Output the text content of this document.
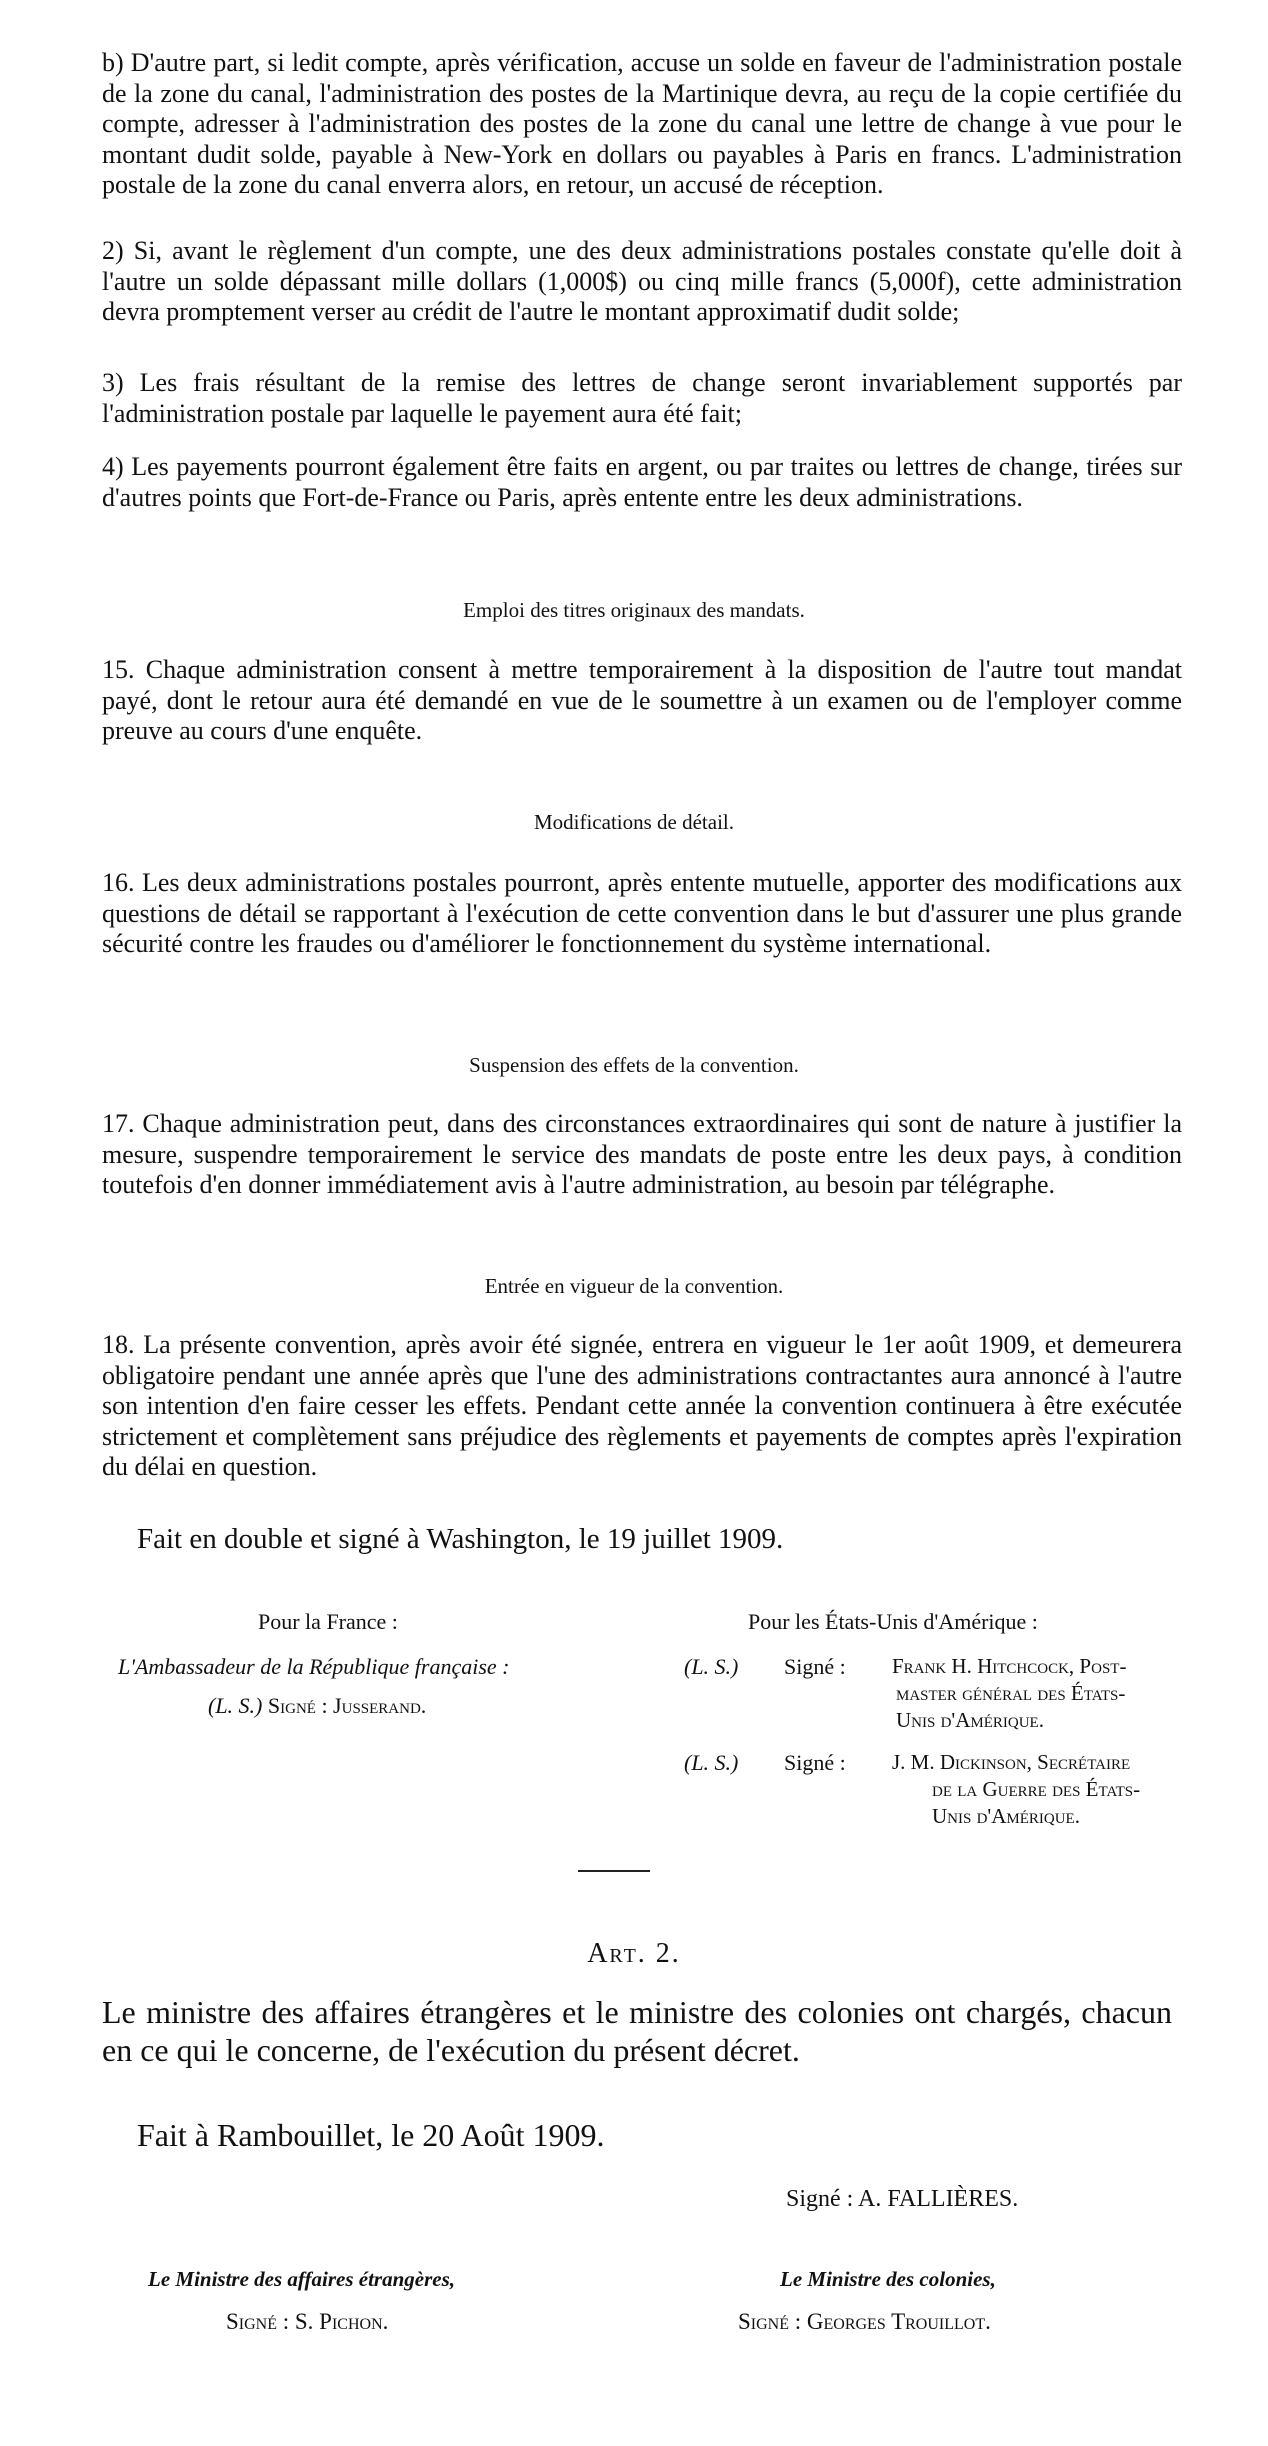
b) D'autre part, si ledit compte, après vérification, accuse un solde en faveur de l'administration postale de la zone du canal, l'administration des postes de la Martinique devra, au reçu de la copie certifiée du compte, adresser à l'administration des postes de la zone du canal une lettre de change à vue pour le montant dudit solde, payable à New-York en dollars ou payables à Paris en francs. L'administration postale de la zone du canal enverra alors, en retour, un accusé de réception.

2) Si, avant le règlement d'un compte, une des deux administrations postales constate qu'elle doit à l'autre un solde dépassant mille dollars (1,000$) ou cinq mille francs (5,000f), cette administration devra promptement verser au crédit de l'autre le montant approximatif dudit solde;

3) Les frais résultant de la remise des lettres de change seront invariablement supportés par l'administration postale par laquelle le payement aura été fait;

4) Les payements pourront également être faits en argent, ou par traites ou lettres de change, tirées sur d'autres points que Fort-de-France ou Paris, après entente entre les deux administrations.

Emploi des titres originaux des mandats.

15. Chaque administration consent à mettre temporairement à la disposition de l'autre tout mandat payé, dont le retour aura été demandé en vue de le soumettre à un examen ou de l'employer comme preuve au cours d'une enquête.

Modifications de détail.

16. Les deux administrations postales pourront, après entente mutuelle, apporter des modifications aux questions de détail se rapportant à l'exécution de cette convention dans le but d'assurer une plus grande sécurité contre les fraudes ou d'améliorer le fonctionnement du système international.

Suspension des effets de la convention.

17. Chaque administration peut, dans des circonstances extraordinaires qui sont de nature à justifier la mesure, suspendre temporairement le service des mandats de poste entre les deux pays, à condition toutefois d'en donner immédiatement avis à l'autre administration, au besoin par télégraphe.

Entrée en vigueur de la convention.

18. La présente convention, après avoir été signée, entrera en vigueur le 1er août 1909, et demeurera obligatoire pendant une année après que l'une des administrations contractantes aura annoncé à l'autre son intention d'en faire cesser les effets. Pendant cette année la convention continuera à être exécutée strictement et complètement sans préjudice des règlements et payements de comptes après l'expiration du délai en question.

Fait en double et signé à Washington, le 19 juillet 1909.

Pour la France :

L'Ambassadeur de la République française :

(L. S.) Signé : Jusserand.

Pour les États-Unis d'Amérique :

(L. S.) Signé : Frank H. Hitchcock, Post-
master général des États-
Unis d'Amérique.

(L. S.) Signé : J. M. Dickinson, Secrétaire
de la Guerre des États-
Unis d'Amérique.

Art. 2.

Le ministre des affaires étrangères et le ministre des colonies ont chargés, chacun en ce qui le concerne, de l'exécution du présent décret.

Fait à Rambouillet, le 20 Août 1909.

Signé : A. FALLIÈRES.

Le Ministre des affaires étrangères,

Signé : S. Pichon.

Le Ministre des colonies,

Signé : Georges Trouillot.
